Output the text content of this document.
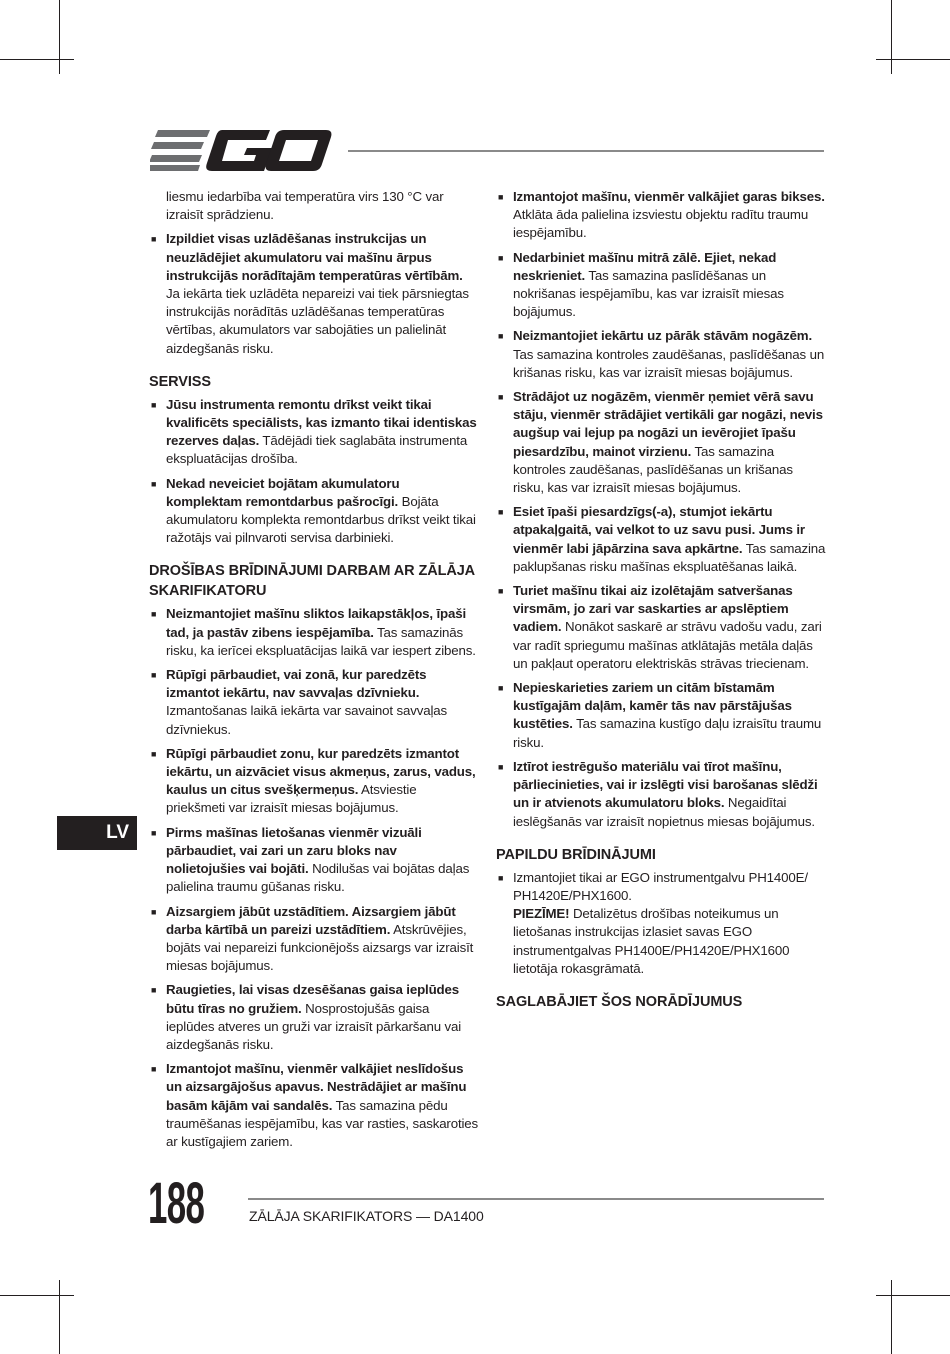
liesmu iedarbība vai temperatūra virs 130 °C var izraisīt sprādzienu.

■ Izpildiet visas uzlādēšanas instrukcijas un neuzlādējiet akumulatoru vai mašīnu ārpus instrukcijās norādītajām temperatūras vērtībām. Ja iekārta tiek uzlādēta nepareizi vai tiek pārsniegtas instrukcijās norādītās uzlādēšanas temperatūras vērtības, akumulators var sabojāties un palielināt aizdegšanās risku.
SERVISS
■ Jūsu instrumenta remontu drīkst veikt tikai kvalificēts speciālists, kas izmanto tikai identiskas rezerves daļas. Tādējādi tiek saglabāta instrumenta ekspluatācijas drošība.
■ Nekad neveiciet bojātam akumulatoru komplektam remontdarbus pašrocīgi. Bojāta akumulatoru komplekta remontdarbus drīkst veikt tikai ražotājs vai pilnvaroti servisa darbinieki.
DROŠĪBAS BRĪDINĀJUMI DARBAM AR ZĀLĀJA SKARIFIKATORU
■ Neizmantojiet mašīnu sliktos laikapstākļos, īpaši tad, ja pastāv zibens iespējamība. Tas samazinās risku, ka ierīcei ekspluatācijas laikā var iespert zibens.
■ Rūpīgi pārbaudiet, vai zonā, kur paredzēts izmantot iekārtu, nav savvaļas dzīvnieku. Izmantošanas laikā iekārta var savainot savvaļas dzīvniekus.
■ Rūpīgi pārbaudiet zonu, kur paredzēts izmantot iekārtu, un aizvāciet visus akmeņus, zarus, vadus, kaulus un citus svešķermeņus. Atsviestie priekšmeti var izraisīt miesas bojājumus.
■ Pirms mašīnas lietošanas vienmēr vizuāli pārbaudiet, vai zari un zaru bloks nav nolietojušies vai bojāti. Nodilušas vai bojātas daļas palielina traumu gūšanas risku.
■ Aizsargiem jābūt uzstādītiem. Aizsargiem jābūt darba kārtībā un pareizi uzstādītiem. Atskrūvējies, bojāts vai nepareizi funkcionējošs aizsargs var izraisīt miesas bojājumus.
■ Raugieties, lai visas dzesēšanas gaisa ieplūdes būtu tīras no gružiem. Nosprostojušās gaisa ieplūdes atveres un gruži var izraisīt pārkaršanu vai aizdegšanās risku.
■ Izmantojot mašīnu, vienmēr valkājiet neslīdošus un aizsargājošus apavus. Nestrādājiet ar mašīnu basām kājām vai sandalēs. Tas samazina pēdu traumēšanas iespējamību, kas var rasties, saskaroties ar kustīgajiem zariem.
■ Izmantojot mašīnu, vienmēr valkājiet garas bikses. Atklāta āda palielina izsviestu objektu radītu traumu iespējamību.
■ Nedarbiniet mašīnu mitrā zālē. Ejiet, nekad neskrieniet. Tas samazina paslīdēšanas un nokrišanas iespējamību, kas var izraisīt miesas bojājumus.
■ Neizmantojiet iekārtu uz pārāk stāvām nogāzēm. Tas samazina kontroles zaudēšanas, paslīdēšanas un krišanas risku, kas var izraisīt miesas bojājumus.
■ Strādājot uz nogāzēm, vienmēr ņemiet vērā savu stāju, vienmēr strādājiet vertikāli gar nogāzi, nevis augšup vai lejup pa nogāzi un ievērojiet īpašu piesardzību, mainot virzienu. Tas samazina kontroles zaudēšanas, paslīdēšanas un krišanas risku, kas var izraisīt miesas bojājumus.
■ Esiet īpaši piesardzīgs(-a), stumjot iekārtu atpakaļgaitā, vai velkot to uz savu pusi. Jums ir vienmēr labi jāpārzina sava apkārtne. Tas samazina paklupšanas risku mašīnas ekspluatēšanas laikā.
■ Turiet mašīnu tikai aiz izolētajām satveršanas virsmām, jo zari var saskarties ar apslēptiem vadiem. Nonākot saskarē ar strāvu vadošu vadu, zari var radīt spriegumu mašīnas atklātajās metāla daļās un pakļaut operatoru elektriskās strāvas triecienam.
■ Nepieskarieties zariem un citām bīstamām kustīgajām daļām, kamēr tās nav pārstājušas kustēties. Tas samazina kustīgo daļu izraisītu traumu risku.
■ Iztīrot iestrēgušo materiālu vai tīrot mašīnu, pārliecinieties, vai ir izslēgti visi barošanas slēdži un ir atvienots akumulatoru bloks. Negaidītai ieslēgšanās var izraisīt nopietnus miesas bojājumus.
PAPILDU BRĪDINĀJUMI
■ Izmantojiet tikai ar EGO instrumentgalvu PH1400E/ PH1420E/PHX1600.
PIEZĪME! Detalizētus drošības noteikumus un lietošanas instrukcijas izlasiet savas EGO instrumentgalvas PH1400E/PH1420E/PHX1600 lietotāja rokasgrāmatā.
SAGLABĀJIET ŠOS NORĀDĪJUMUS
LV
188	ZĀLĀJA SKARIFIKATORS — DA1400
